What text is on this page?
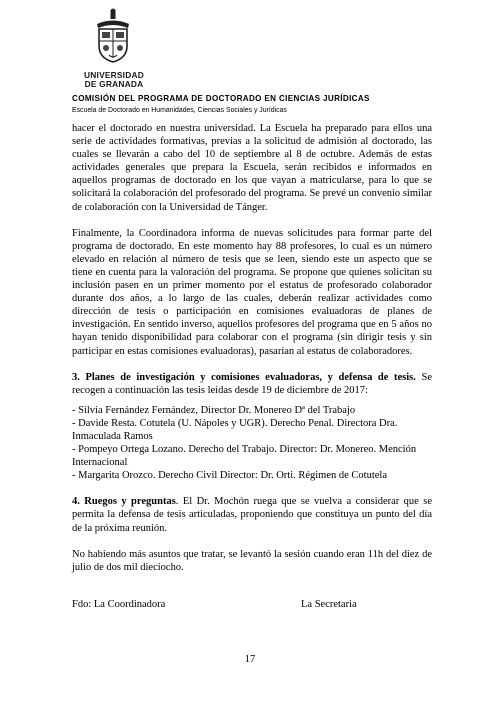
UNIVERSIDAD
DE GRANADA
COMISIÓN DEL PROGRAMA DE DOCTORADO EN CIENCIAS JURÍDICAS
Escuela de Doctorado en Humanidades, Ciencias Sociales y Jurídicas

hacer el doctorado en nuestra universidad. La Escuela ha preparado para ellos una serie de actividades formativas, previas a la solicitud de admisión al doctorado, las cuales se llevarán a cabo del 10 de septiembre al 8 de octubre. Además de estas actividades generales que prepara la Escuela, serán recibidos e informados en aquellos programas de doctorado en los que vayan a matricularse, para lo que se solicitará la colaboración del profesorado del programa. Se prevé un convenio similar de colaboración con la Universidad de Tánger.

Finalmente, la Coordinadora informa de nuevas solicitudes para formar parte del programa de doctorado. En este momento hay 88 profesores, lo cual es un número elevado en relación al número de tesis que se leen, siendo este un aspecto que se tiene en cuenta para la valoración del programa. Se propone que quienes solicitan su inclusión pasen en un primer momento por el estatus de profesorado colaborador durante dos años, a lo largo de las cuales, deberán realizar actividades como dirección de tesis o participación en comisiones evaluadoras de planes de investigación. En sentido inverso, aquellos profesores del programa que en 5 años no hayan tenido disponibilidad para colaborar con el programa (sin dirigir tesis y sin participar en estas comisiones evaluadoras), pasarían al estatus de colaboradores.

3. Planes de investigación y comisiones evaluadoras, y defensa de tesis. Se recogen a continuación las tesis leídas desde 19 de diciembre de 2017:

- Silvia Fernández Fernández, Director Dr. Monereo Dª del Trabajo
- Davide Resta. Cotutela (U. Nápoles y UGR). Derecho Penal. Directora Dra. Inmaculada Ramos
- Pompeyo Ortega Lozano. Derecho del Trabajo. Director: Dr. Monereo. Mención Internacional
- Margarita Orozco. Derecho Civil Director: Dr. Orti. Régimen de Cotutela

4. Ruegos y preguntas. El Dr. Mochón ruega que se vuelva a considerar que se permita la defensa de tesis articuladas, proponiendo que constituya un punto del día de la próxima reunión.

No habiendo más asuntos que tratar, se levantó la sesión cuando eran 11h del diez de julio de dos mil dieciocho.

Fdo: La Coordinadora	La Secretaria
17
